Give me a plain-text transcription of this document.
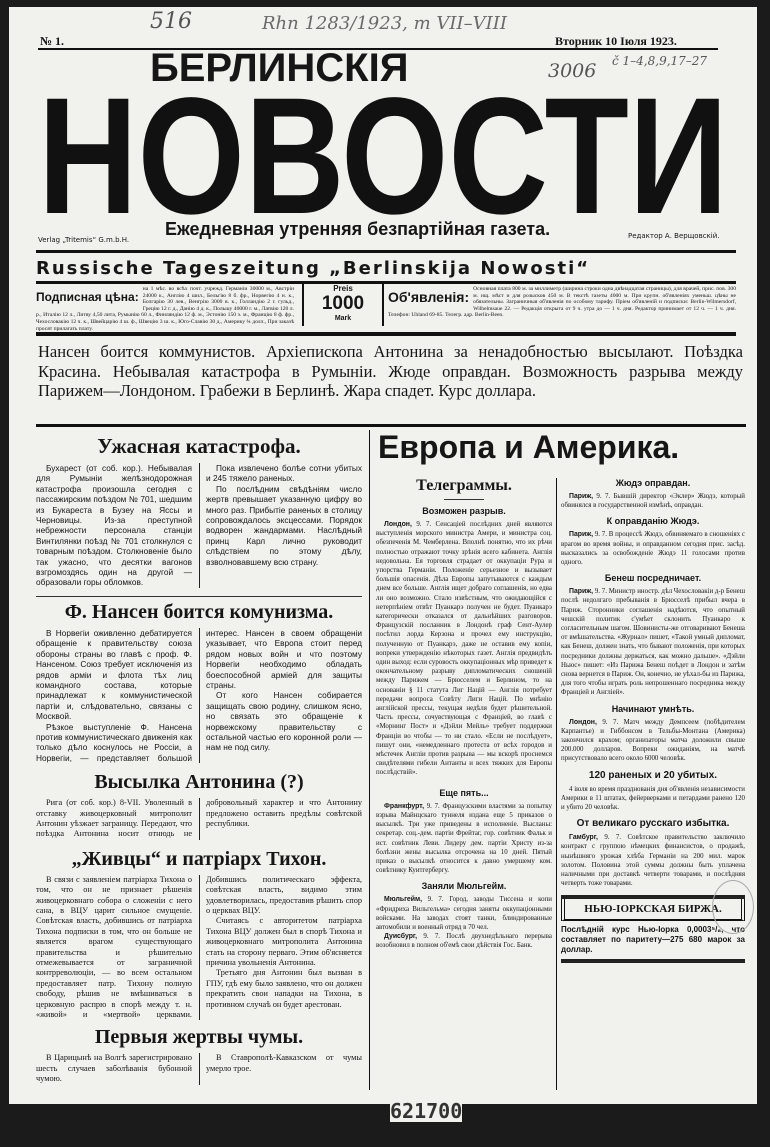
516	Rhn 1283/1923, m VII–VIII
3006 č 1–4,8,9,17–27
№ 1.	Вторник 10 Іюля 1923.
БЕРЛИНСКІЯ
НОВОСТИ
Verlag „Tritemis“ G.m.b.H.
Ежедневная утренняя безпартійная газета.	Редактор А. Верщовскій.
Russische Tageszeitung „Berlinskija Nowosti“
Подписная цѣна:
на 1 мѣс. во всѣх почт. учрежд. Германіи 30000 м., Австріи 24000 к., Англію 4 шил., Бельгію 8 б. фр., Норвегію 4 н. к., Болгарію 30 лев., Венгрію 3000 в. к., Голландію 2 г. гульд., Грецію 12 г. д., Данію 4 д. к., Польшу 40000 г. м., Латвію 120 л. р., Италію 12 л., Литву 4,50 лита, Румынію 60 л., Финляндію 12 ф. м., Эстонію 150 э. м., Францію 8 ф. фр., Чехословакію 12 ч. к., Швейцарію 4 ш. ф., Швецію 3 ш. к., Юго-Славію 30 д., Америку ¾ долл., При заказѣ просят прилагать плату.
Preis
1000
Mark
Об'явленія: Основная плата 800 м. за миллиметр (ширина строки одна двѣнадцатая страницы), для врачей, прис. пов. 300 м. ищ. мѣст и для розысков 450 м. В текстѣ газеты 4000 м. При крупн. об'явленіях уменьш. цѣны не обязательны. Заграничныя об'явленія по особому тарифу. Пріем об'явленій и подписки: Berlin-Wilmersdorf, Wilhelmsaue 22. — Редакція открыта от 9 ч. утра до — 1 ч. дня. Редактор принимает от 12 ч. — 1 ч. дня. Телефон: Uhland 69-85. Телегр. адр. Berlin-Been.
Нансен боится коммунистов. Архіепископа Антонина за ненадобностью высылают. Поѣздка Красина. Небывалая катастрофа в Румыніи. Жюде оправдан. Возможность разрыва между Парижем—Лондоном. Грабежи в Берлинѣ. Жара спадет. Курс доллара.
Ужасная катастрофа.

Бухарест (от соб. кор.). Небывалая для Румыніи желѣзнодорожная катастрофа произошла сегодня с пассажирским поѣздом № 701, шедшим из Букареста в Бузеу на Яссы и Черновицы. Из-за преступной небрежности персонала станціи Винтилянки поѣзд № 701 столкнулся с товарным поѣздом. Столкновеніе было так ужасно, что десятки вагонов взгромоздясь один на другой — образовали горы обломков.

Пока извлечено болѣе сотни убитых и 245 тяжело раненых.

По послѣдним свѣдѣніям число жертв превышает указанную цифру во много раз. Прибытіе раненых в столицу сопровождалось эксцессами. Порядок водворен жандармами. Наслѣдный принц Карл лично руководит слѣдствіем по этому дѣлу, взволновавшему всю страну.

Ф. Нансен боится комунизма.

В Норвегіи оживленно дебатируется обращеніе к правительству союза обороны страны во главѣ с проф. Ф. Нансеном. Союз требует исключенія из рядов арміи и флота тѣх лиц командного состава, которые принадлежат к коммунистической партіи и, слѣдовательно, связаны с Москвой.

Рѣзкое выступленіе Ф. Нансена против коммунистическаго движенія как только дѣло коснулось не Россіи, а Норвегіи, — представляет большой интерес. Нансен в своем обращеніи указывает, что Европа стоит перед рядом новых войн и что поэтому Норвегіи необходимо обладать боеспособной арміей для защиты страны.

От кого Нансен собирается защищать свою родину, слишком ясно, но связать это обращеніе к норвежскому правительству с остальной частью его коронной роли — нам не под силу.

Высылка Антонина (?)

Рига (от соб. кор.) 8-VII. Уволенный в отставку живоцерковный митрополит Антонин уѣзжает заграницу. Передают, что поѣздка Антонина носит отнюдь не добровольный характер и что Антонину предложено оставить предѣлы совѣтской республики.

„Живцы“ и патріарх Тихон.

В связи с заявленіем патріарха Тихона о том, что он не признает рѣшенія живоцерковнаго собора о сложеніи с него сана, в ВЦУ царит сильное смущеніе. Совѣтская власть, добившись от патріарха Тихона подписки в том, что он больше не является врагом существующаго правительства и рѣшительно отмежевывается от заграничной контрреволюціи, — во всем остальном предоставляет патр. Тихону полную свободу, рѣшив не вмѣшиваться в церковную распрю в спорѣ между т. н. «живой» и «мертвой» церквами. Добившись политическаго эффекта, совѣтская власть, видимо этим удовлетворилась, предоставив рѣшить спор о церквах ВЦУ.

Считаясь с авторитетом патріарха Тихона ВЦУ должен был в спорѣ Тихона и живоцерковнаго митрополита Антонина стать на сторону перваго. Этим об'ясняется причина увольненія Антонина.

Третьяго дня Антонин был вызван в ГПУ, гдѣ ему было заявлено, что он должен прекратить свои нападки на Тихона, в противном случаѣ он будет арестован.

Первыя жертвы чумы.

В Царицынѣ на Волгѣ зарегистрировано шесть случаев заболѣванія бубонной чумою.

В Ставрополѣ-Кавказском от чумы умерло трое.

Европа и Америка.
Телеграммы.
Возможен разрыв.

Лондон, 9. 7. Сенсаціей послѣдних дней являются выступленія морского министра Амери, и министра соц. обезпеченія М. Чемберлена. Вполнѣ понятно, что их рѣчи полностью отражают точку зрѣнія всего кабинета. Англія недовольна. Ея торговля страдает от оккупаціи Рура и упорства Германіи. Положеніе серьезное и вызывает большія опасенія. Дѣла Европы запутываются с каждым днем все больше. Англія ищет добраго соглашенія, но едва ли оно возможно. Стало извѣстным, что ожидающійся с нетерпѣніем отвѣт Пуанкарэ получен не будет. Пуанкарэ категорически отказался от дальнѣйших разговоров. Французскій посланник в Лондонѣ граф Сент-Аулер посѣтил лорда Керзона и прочел ему инструкцію, полученную от Пуанкарэ, даже не оставив ему копіи, вопреки утвержденію нѣкоторых газет. Англія предвидѣть один выход: если суровость оккупаціонных мѣр приведет к окончательному разрыву дипломатических сношеній между Парижем — Брюсселем и Берлином, то на основаніи § 11 статута Лиг Націй — Англія потребует передачи вопроса Совѣту Лиги Націй. По мнѣнію англійской прессы, текущая недѣля будет рѣшительной. Часть прессы, сочувствующая с Франціей, во главѣ с «Морнинг Пост» и «Дэйли Мейль» требует поддержки Франціи во чтобы — то ни стало. «Если не послѣдует», пишут они, «немедленнаго протеста от всѣх городов и мѣстечек Англіи против разрыва — мы вскорѣ проснемся свидѣтелями гибели Антанты и всех тяжких для Европы послѣдствій».

Еще пять...

Франкфурт, 9. 7. Французскими властями за попытку взрыва Майнцскаго туннеля издана еще 5 приказов о высылкѣ. Три уже приведены в исполненіе. Высланы: секретар. соц.-дем. партіи Фрейтаг, гор. совѣтник Фальк и ист. совѣтник Леви. Лидеру дем. партіи Христу из-за болѣзни жены высылка отсрочена на 10 дней. Пятый приказ о высылкѣ относится к давно умершему ком. совѣтнику Куитгербергу.

Заняли Мюльгейм.

Мюльгейм, 9. 7. Город, заводы Тиссена и копи «Фридриха Вильгельма» сегодня заняты оккупаціонными войсками. На заводах стоят танки, блиндированные автомобили и военный отряд в 70 чел.

Дуисбург, 9. 7. Послѣ двухнедѣльнаго перерыва возобновил в полном об'емѣ свои дѣйствія Гос. Банк.

Жюдэ оправдан.

Париж, 9. 7. Бывшій директор «Эклер» Жюдэ, который обвинялся в государственной измѣнѣ, оправдан.

К оправданію Жюдэ.

Париж, 9. 7. В процессѣ Жюдэ, обвиняемаго в сношеніях с врагом во время войны, и оправданном сегодня прис. засѣд. высказались за освобожденіе Жюдэ 11 голосами против одного.

Бенеш посредничает.

Париж, 9. 7. Министр иностр. дѣл Чехословакіи д-р Бенеш послѣ недолгаго пребыванія в Брюсселѣ прибыл вчера в Париж. Сторонники соглашенія надѣются, что опытный чешскій политик с'умѣет склонить Пуанкаро к согласительным шагом. Шовинисты-же отговаривают Бенеша от вмѣшательства. «Журнал» пишет, «Такой умный дипломат, как Бенеш, должен знать, что бывают положенія, при которых посредники должны держаться, как можно дальше». «Дэйли Ньюс» пишет: «Из Парижа Бенеш поѣдет в Лондон и затѣм снова вернется в Париж. Он, конечно, не уѣхал-бы из Парижа, для того чтобы играть роль непрошеннаго посредника между Франціей и Англіей».

Начинают умнѣть.

Лондон, 9. 7. Матч между Демпсеем (побѣдителем Карпантье) и Гиббонсом в Тельбы-Монтана (Америка) закончился крахом; организаторы матча доложили свыше 200.000 долларов. Вопреки ожиданіям, на матчѣ присутствовало всего около 6000 человѣк.

120 раненых и 20 убитых.

4 іюля во время празднованія дня об'явленія независимости Америки в 11 штатах, фейерверками и петардами ранено 120 и убито 20 человѣк.

От великаго русскаго избытка.

Гамбург, 9. 7. Совѣтское правительство заключило контракт с группою нѣмецких финансистов, о продажѣ, нынѣшняго урожая хлѣба Германіи на 200 мил. марок золотом. Половина этой суммы должны быть уплачена наличными при доставкѣ четверти товарами, и послѣдняя четверть тоже товарами.

НЬЮ-ІОРКСКАЯ БИРЖА.
Послѣдній курс Нью-Іорка 0,0003⁵/₈, что составляет по паритету—275 680 марок за доллар.
621700
